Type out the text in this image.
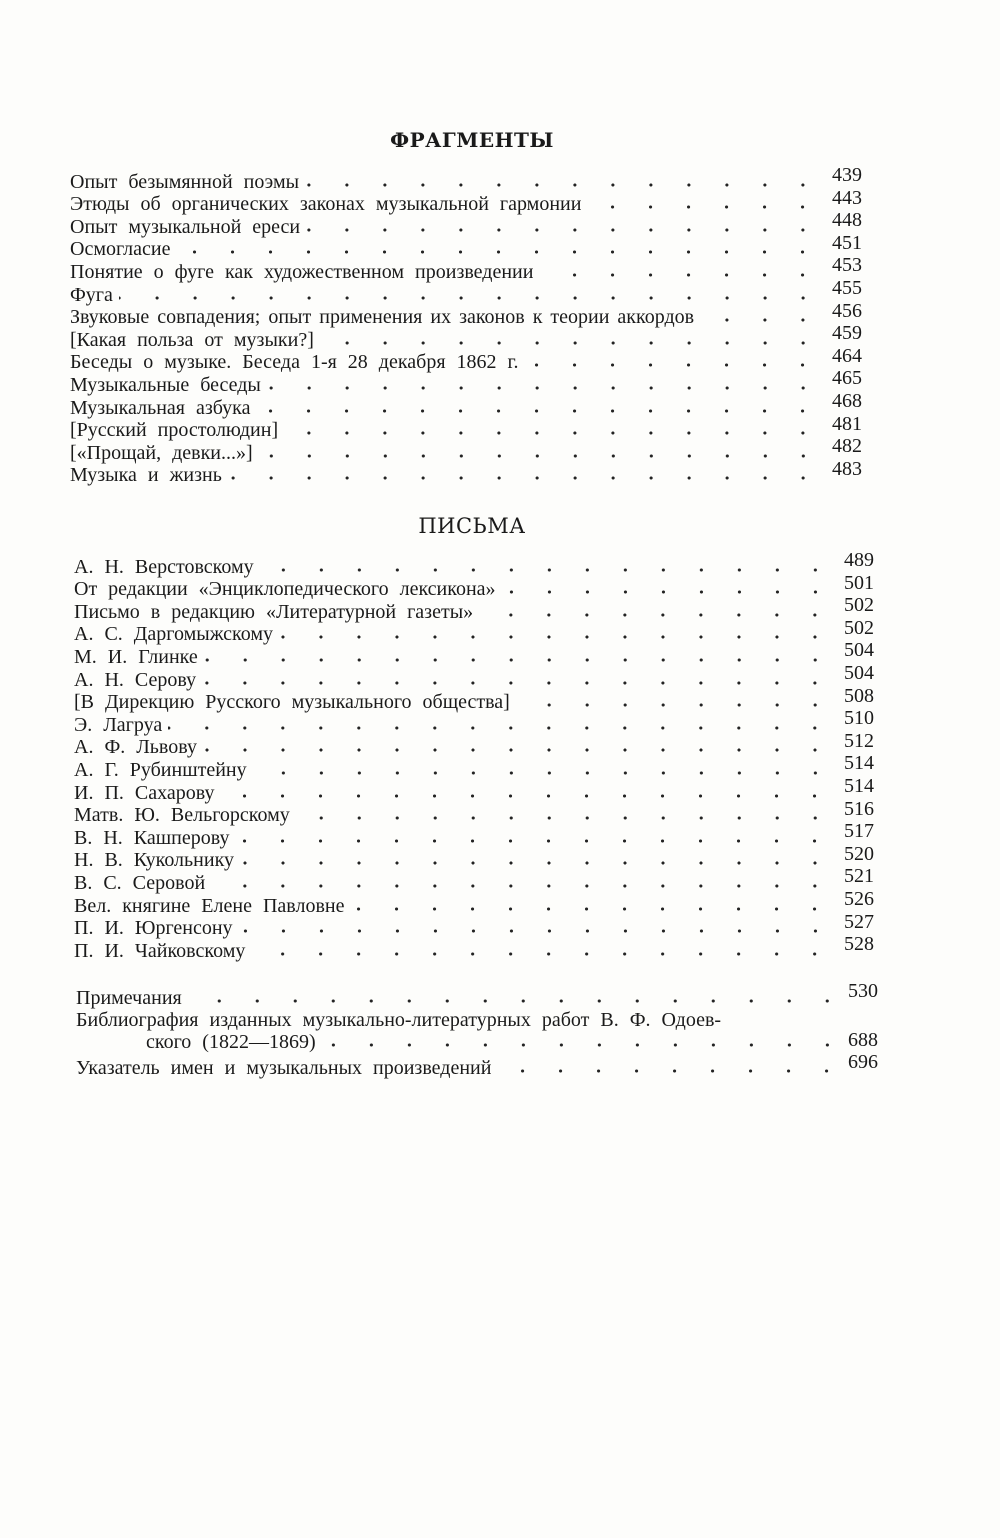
ФРАГМЕНТЫ
Опыт безымянной поэмы	439
Этюды об органических законах музыкальной гармонии	443
Опыт музыкальной ереси	448
Осмогласие	451
Понятие о фуге как художественном произведении	453
Фуга	455
Звуковые совпадения; опыт применения их законов к теории аккордов	456
[Какая польза от музыки?]	459
Беседы о музыке. Беседа 1-я 28 декабря 1862 г.	464
Музыкальные беседы	465
Музыкальная азбука	468
[Русский простолюдин]	481
[«Прощай, девки...»]	482
Музыка и жизнь	483
ПИСЬМА
А. Н. Верстовскому	489
От редакции «Энциклопедического лексикона»	501
Письмо в редакцию «Литературной газеты»	502
А. С. Даргомыжскому	502
М. И. Глинке	504
А. Н. Серову	504
[В Дирекцию Русского музыкального общества]	508
Э. Лагруа	510
А. Ф. Львову	512
А. Г. Рубинштейну	514
И. П. Сахарову	514
Матв. Ю. Вельгорскому	516
В. Н. Кашперову	517
Н. В. Кукольнику	520
В. С. Серовой	521
Вел. княгине Елене Павловне	526
П. И. Юргенсону	527
П. И. Чайковскому	528
Примечания	530
Библиография изданных музыкально-литературных работ В. Ф. Одоев-
ского (1822—1869)	688
Указатель имен и музыкальных произведений	696
